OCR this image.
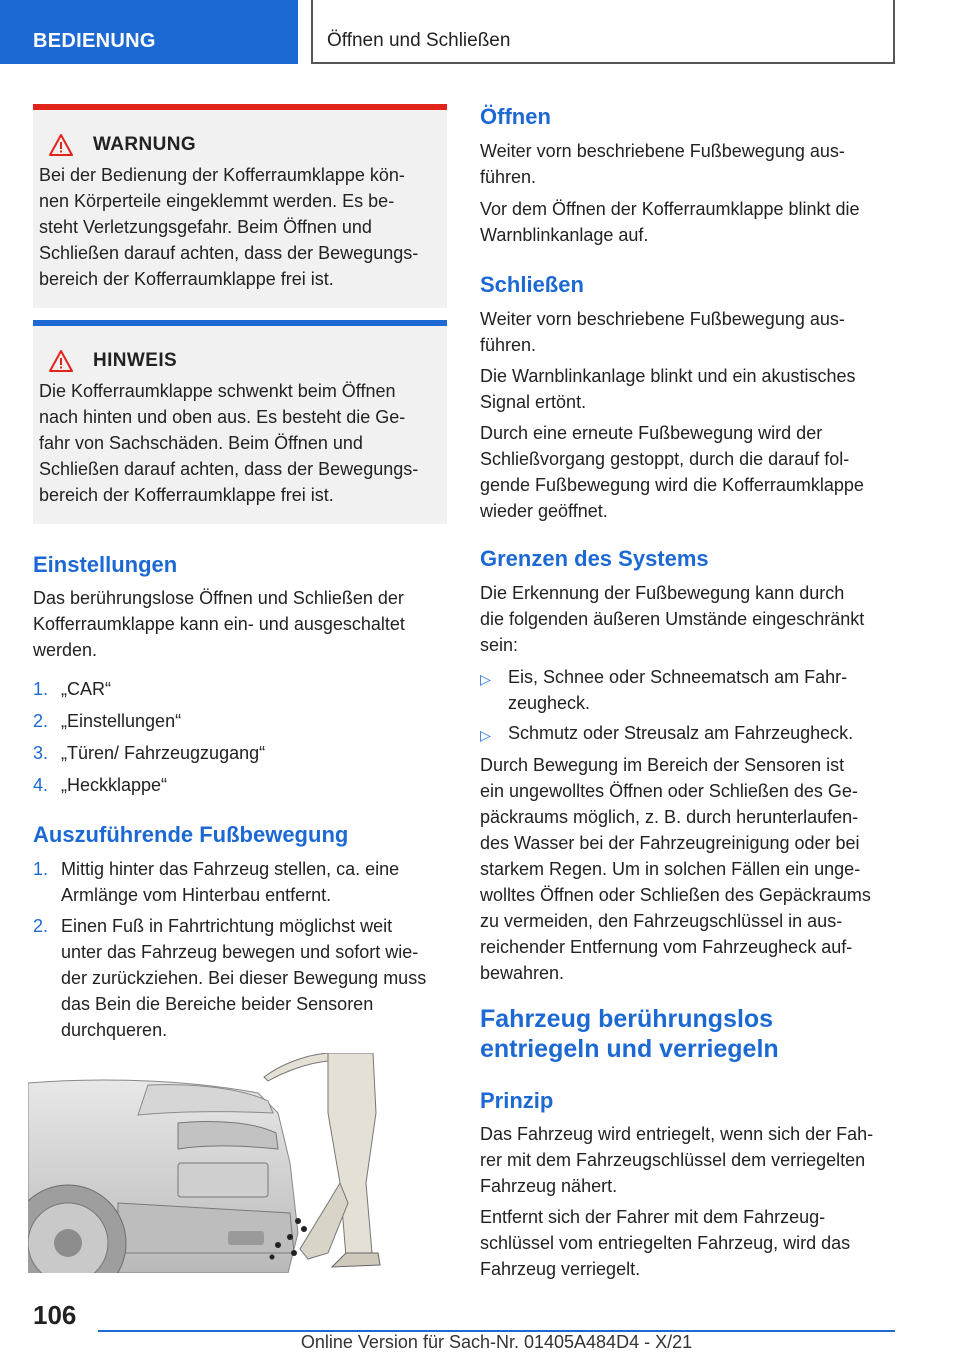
BEDIENUNG	Öffnen und Schließen
WARNUNG
Bei der Bedienung der Kofferraumklappe kön-
nen Körperteile eingeklemmt werden. Es be-
steht Verletzungsgefahr. Beim Öffnen und
Schließen darauf achten, dass der Bewegungs-
bereich der Kofferraumklappe frei ist.
HINWEIS
Die Kofferraumklappe schwenkt beim Öffnen
nach hinten und oben aus. Es besteht die Ge-
fahr von Sachschäden. Beim Öffnen und
Schließen darauf achten, dass der Bewegungs-
bereich der Kofferraumklappe frei ist.
Einstellungen
Das berührungslose Öffnen und Schließen der
Kofferraumklappe kann ein- und ausgeschaltet
werden.
1. „CAR“
2. „Einstellungen“
3. „Türen/ Fahrzeugzugang“
4. „Heckklappe“
Auszuführende Fußbewegung
1. Mittig hinter das Fahrzeug stellen, ca. eine
Armlänge vom Hinterbau entfernt.
2. Einen Fuß in Fahrtrichtung möglichst weit
unter das Fahrzeug bewegen und sofort wie-
der zurückziehen. Bei dieser Bewegung muss
das Bein die Bereiche beider Sensoren
durchqueren.
Öffnen
Weiter vorn beschriebene Fußbewegung aus-
führen.
Vor dem Öffnen der Kofferraumklappe blinkt die
Warnblinkanlage auf.
Schließen
Weiter vorn beschriebene Fußbewegung aus-
führen.
Die Warnblinkanlage blinkt und ein akustisches
Signal ertönt.
Durch eine erneute Fußbewegung wird der
Schließvorgang gestoppt, durch die darauf fol-
gende Fußbewegung wird die Kofferraumklappe
wieder geöffnet.
Grenzen des Systems
Die Erkennung der Fußbewegung kann durch
die folgenden äußeren Umstände eingeschränkt
sein:
▷ Eis, Schnee oder Schneematsch am Fahr-
zeugheck.
▷ Schmutz oder Streusalz am Fahrzeugheck.
Durch Bewegung im Bereich der Sensoren ist
ein ungewolltes Öffnen oder Schließen des Ge-
päckraums möglich, z. B. durch herunterlaufen-
des Wasser bei der Fahrzeugreinigung oder bei
starkem Regen. Um in solchen Fällen ein unge-
wolltes Öffnen oder Schließen des Gepäckraums
zu vermeiden, den Fahrzeugschlüssel in aus-
reichender Entfernung vom Fahrzeugheck auf-
bewahren.
Fahrzeug berührungslos
entriegeln und verriegeln
Prinzip
Das Fahrzeug wird entriegelt, wenn sich der Fah-
rer mit dem Fahrzeugschlüssel dem verriegelten
Fahrzeug nähert.
Entfernt sich der Fahrer mit dem Fahrzeug-
schlüssel vom entriegelten Fahrzeug, wird das
Fahrzeug verriegelt.
106
Online Version für Sach-Nr. 01405A484D4 - X/21
